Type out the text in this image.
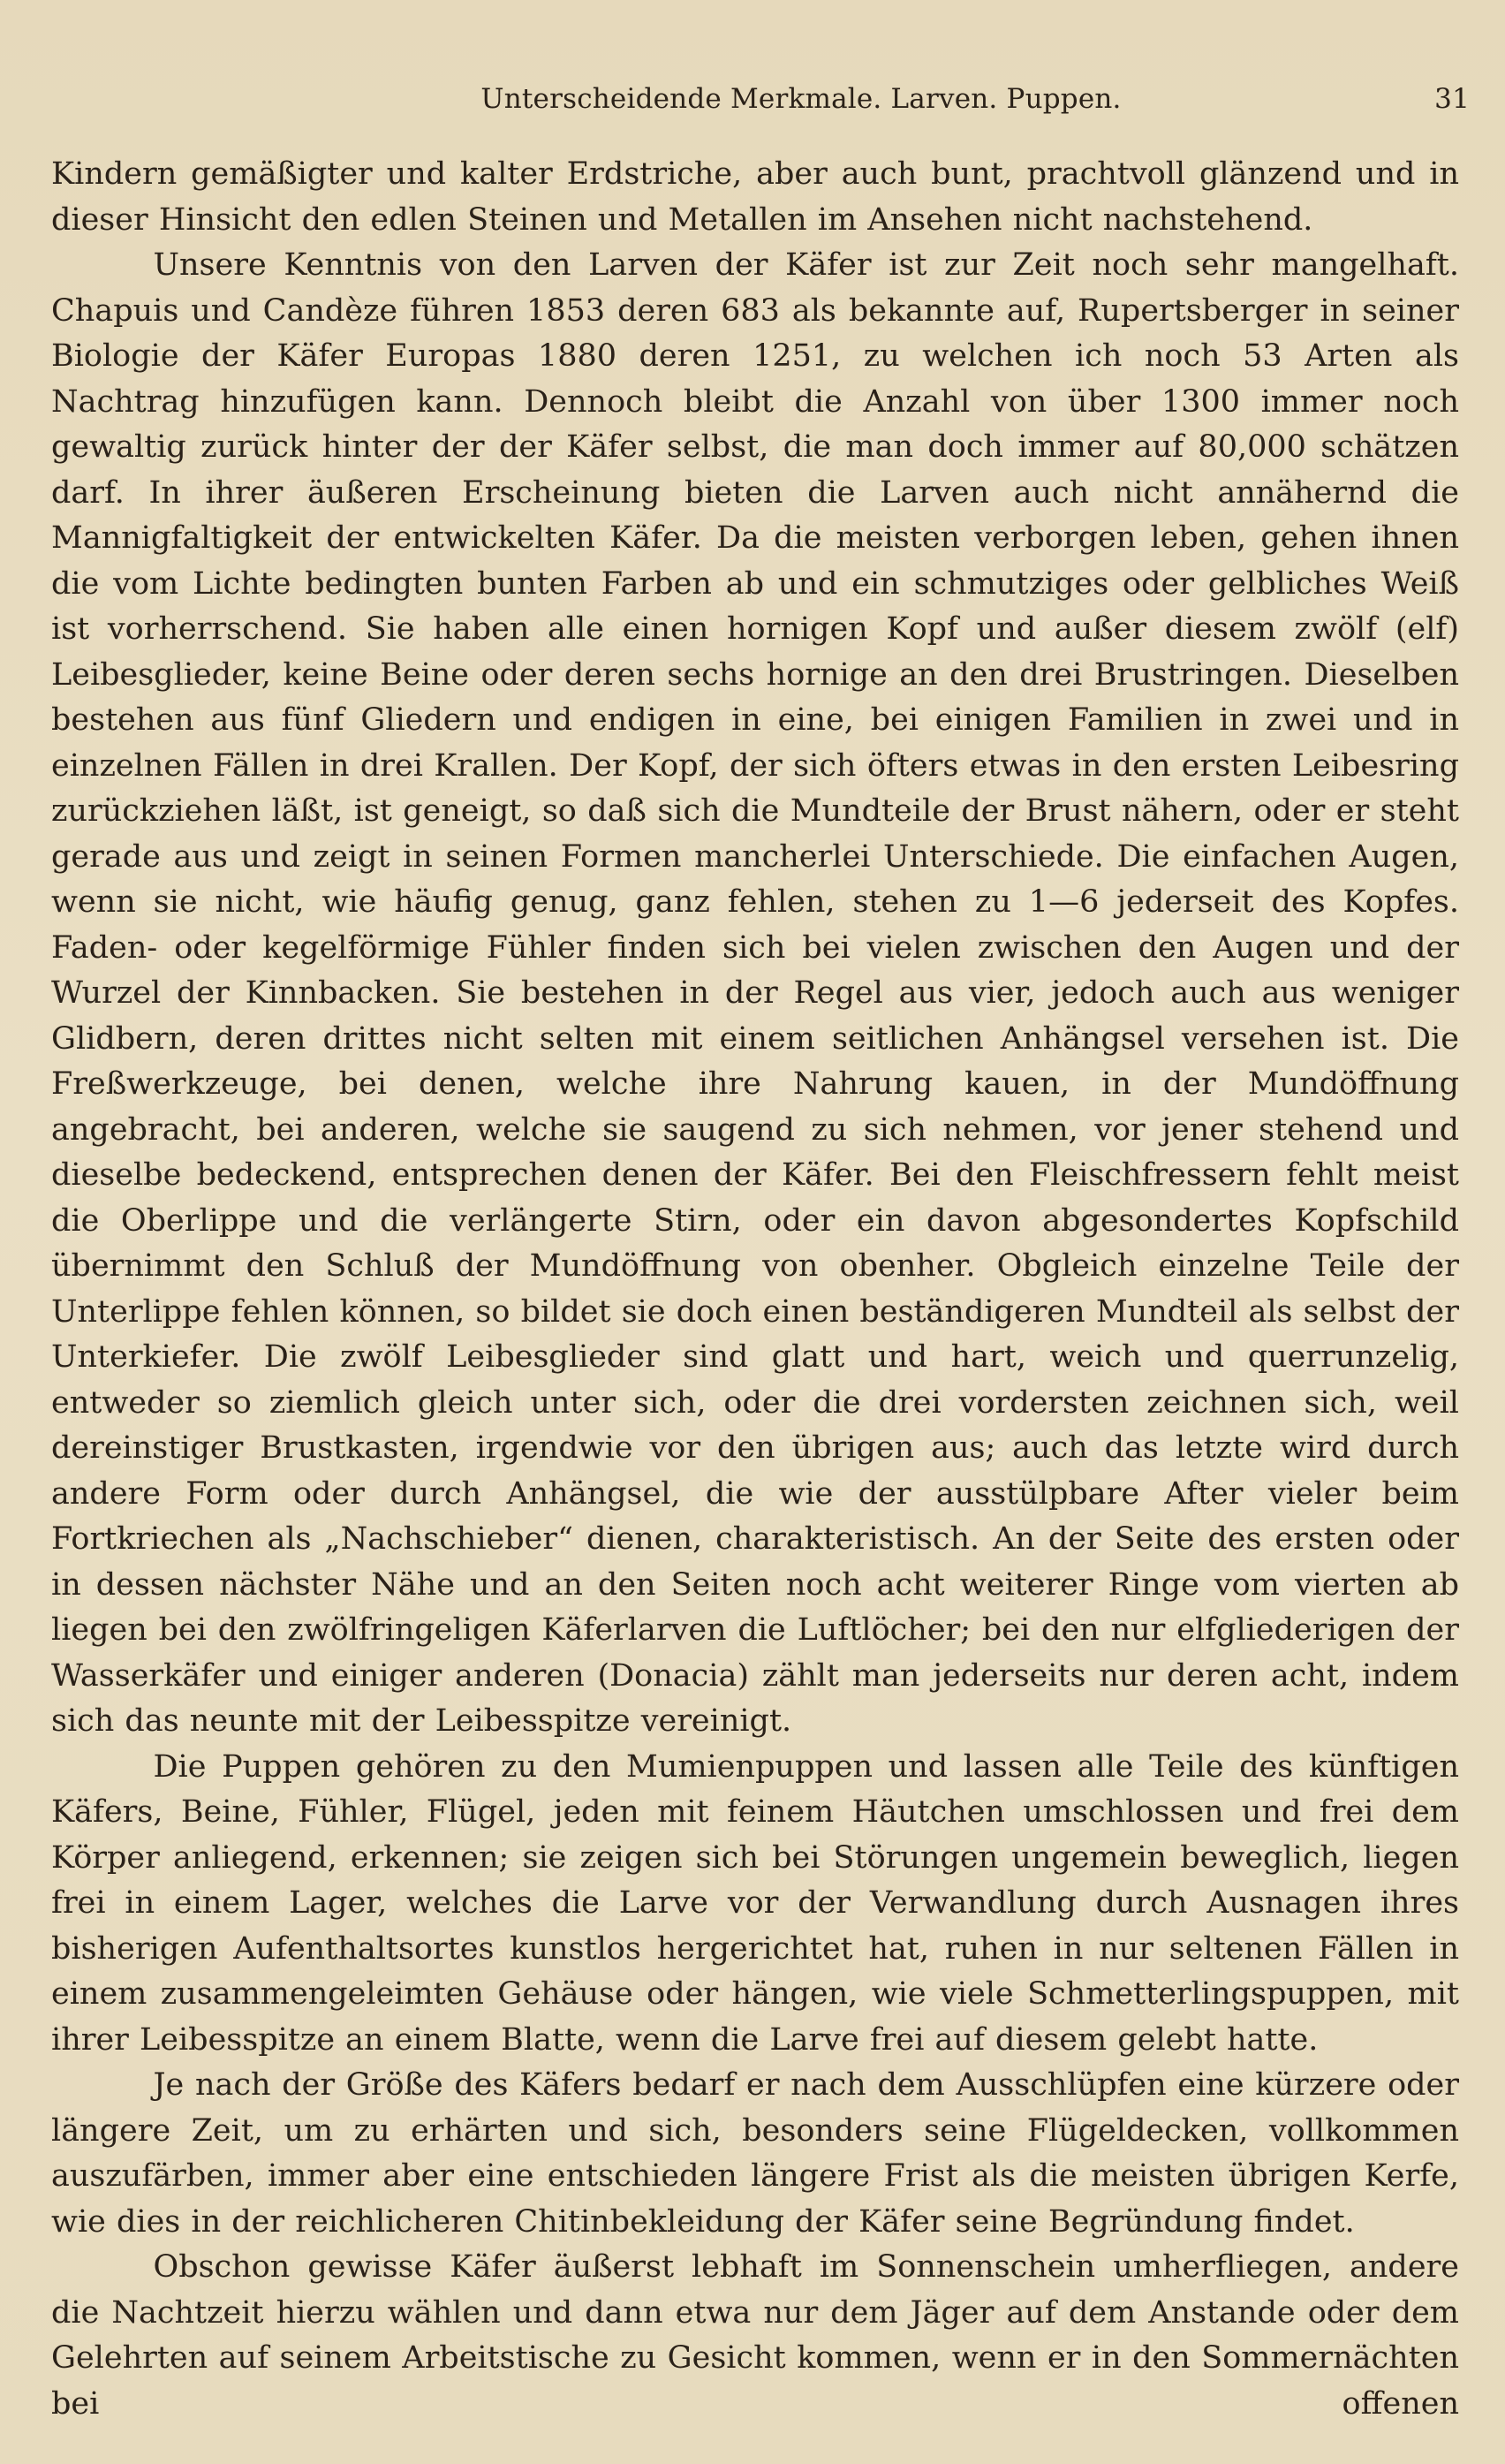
Unterscheidende Merkmale. Larven. Puppen.	31

Kindern gemäßigter und kalter Erdstriche, aber auch bunt, prachtvoll glänzend und in dieser Hinsicht den edlen Steinen und Metallen im Ansehen nicht nachstehend.

Unsere Kenntnis von den Larven der Käfer ist zur Zeit noch sehr mangelhaft. Chapuis und Candèze führen 1853 deren 683 als bekannte auf, Rupertsberger in seiner Biologie der Käfer Europas 1880 deren 1251, zu welchen ich noch 53 Arten als Nachtrag hinzufügen kann. Dennoch bleibt die Anzahl von über 1300 immer noch gewaltig zurück hinter der der Käfer selbst, die man doch immer auf 80,000 schätzen darf. In ihrer äußeren Erscheinung bieten die Larven auch nicht annähernd die Mannigfaltigkeit der entwickelten Käfer. Da die meisten verborgen leben, gehen ihnen die vom Lichte bedingten bunten Farben ab und ein schmutziges oder gelbliches Weiß ist vorherrschend. Sie haben alle einen hornigen Kopf und außer diesem zwölf (elf) Leibesglieder, keine Beine oder deren sechs hornige an den drei Brustringen. Dieselben bestehen aus fünf Gliedern und endigen in eine, bei einigen Familien in zwei und in einzelnen Fällen in drei Krallen. Der Kopf, der sich öfters etwas in den ersten Leibesring zurückziehen läßt, ist geneigt, so daß sich die Mundteile der Brust nähern, oder er steht gerade aus und zeigt in seinen Formen mancherlei Unterschiede. Die einfachen Augen, wenn sie nicht, wie häufig genug, ganz fehlen, stehen zu 1—6 jederseit des Kopfes. Faden- oder kegelförmige Fühler finden sich bei vielen zwischen den Augen und der Wurzel der Kinnbacken. Sie bestehen in der Regel aus vier, jedoch auch aus weniger Glidbern, deren drittes nicht selten mit einem seitlichen Anhängsel versehen ist. Die Freßwerkzeuge, bei denen, welche ihre Nahrung kauen, in der Mundöffnung angebracht, bei anderen, welche sie saugend zu sich nehmen, vor jener stehend und dieselbe bedeckend, entsprechen denen der Käfer. Bei den Fleischfressern fehlt meist die Oberlippe und die verlängerte Stirn, oder ein davon abgesondertes Kopfschild übernimmt den Schluß der Mundöffnung von obenher. Obgleich einzelne Teile der Unterlippe fehlen können, so bildet sie doch einen beständigeren Mundteil als selbst der Unterkiefer. Die zwölf Leibesglieder sind glatt und hart, weich und querrunzelig, entweder so ziemlich gleich unter sich, oder die drei vordersten zeichnen sich, weil dereinstiger Brustkasten, irgendwie vor den übrigen aus; auch das letzte wird durch andere Form oder durch Anhängsel, die wie der ausstülpbare After vieler beim Fortkriechen als „Nachschieber“ dienen, charakteristisch. An der Seite des ersten oder in dessen nächster Nähe und an den Seiten noch acht weiterer Ringe vom vierten ab liegen bei den zwölfringeligen Käferlarven die Luftlöcher; bei den nur elfgliederigen der Wasserkäfer und einiger anderen (Donacia) zählt man jederseits nur deren acht, indem sich das neunte mit der Leibesspitze vereinigt.

Die Puppen gehören zu den Mumienpuppen und lassen alle Teile des künftigen Käfers, Beine, Fühler, Flügel, jeden mit feinem Häutchen umschlossen und frei dem Körper anliegend, erkennen; sie zeigen sich bei Störungen ungemein beweglich, liegen frei in einem Lager, welches die Larve vor der Verwandlung durch Ausnagen ihres bisherigen Aufenthaltsortes kunstlos hergerichtet hat, ruhen in nur seltenen Fällen in einem zusammengeleimten Gehäuse oder hängen, wie viele Schmetterlingspuppen, mit ihrer Leibesspitze an einem Blatte, wenn die Larve frei auf diesem gelebt hatte.

Je nach der Größe des Käfers bedarf er nach dem Ausschlüpfen eine kürzere oder längere Zeit, um zu erhärten und sich, besonders seine Flügeldecken, vollkommen auszufärben, immer aber eine entschieden längere Frist als die meisten übrigen Kerfe, wie dies in der reichlicheren Chitinbekleidung der Käfer seine Begründung findet.

Obschon gewisse Käfer äußerst lebhaft im Sonnenschein umherfliegen, andere die Nachtzeit hierzu wählen und dann etwa nur dem Jäger auf dem Anstande oder dem Gelehrten auf seinem Arbeitstische zu Gesicht kommen, wenn er in den Sommernächten bei offenen
